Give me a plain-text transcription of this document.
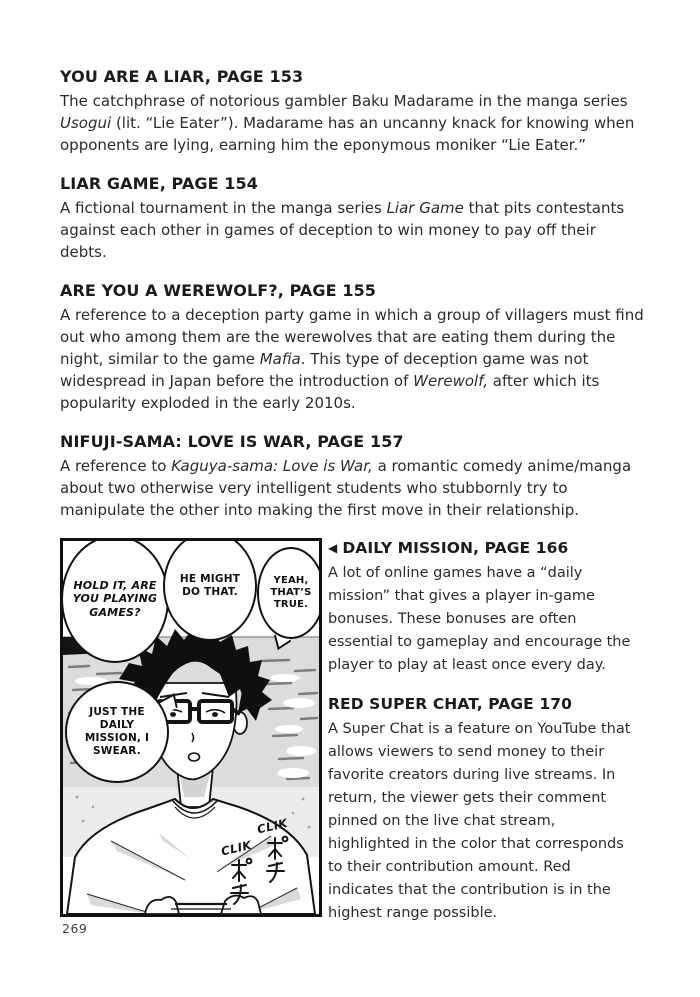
YOU ARE A LIAR, PAGE 153

The catchphrase of notorious gambler Baku Madarame in the manga series Usogui (lit. “Lie Eater”). Madarame has an uncanny knack for knowing when opponents are lying, earning him the eponymous moniker “Lie Eater.”

LIAR GAME, PAGE 154

A fictional tournament in the manga series Liar Game that pits contestants against each other in games of deception to win money to pay off their debts.

ARE YOU A WEREWOLF?, PAGE 155

A reference to a deception party game in which a group of villagers must find out who among them are the werewolves that are eating them during the night, similar to the game Mafia. This type of deception game was not widespread in Japan before the introduction of Werewolf, after which its popularity exploded in the early 2010s.

NIFUJI-SAMA: LOVE IS WAR, PAGE 157

A reference to Kaguya-sama: Love is War, a romantic comedy anime/manga about two otherwise very intelligent students who stubbornly try to manipulate the other into making the first move in their relationship.

HOLD IT, ARE YOU PLAYING GAMES?
HE MIGHT DO THAT.
YEAH, THAT’S TRUE.
JUST THE DAILY MISSION, I SWEAR.
CLIK
CLIK
269
◀ DAILY MISSION, PAGE 166

A lot of online games have a “daily mission” that gives a player in-game bonuses. These bonuses are often essential to gameplay and encourage the player to play at least once every day.

RED SUPER CHAT, PAGE 170

A Super Chat is a feature on YouTube that allows viewers to send money to their favorite creators during live streams. In return, the viewer gets their comment pinned on the live chat stream, highlighted in the color that corresponds to their contribution amount. Red indicates that the contribution is in the highest range possible.
